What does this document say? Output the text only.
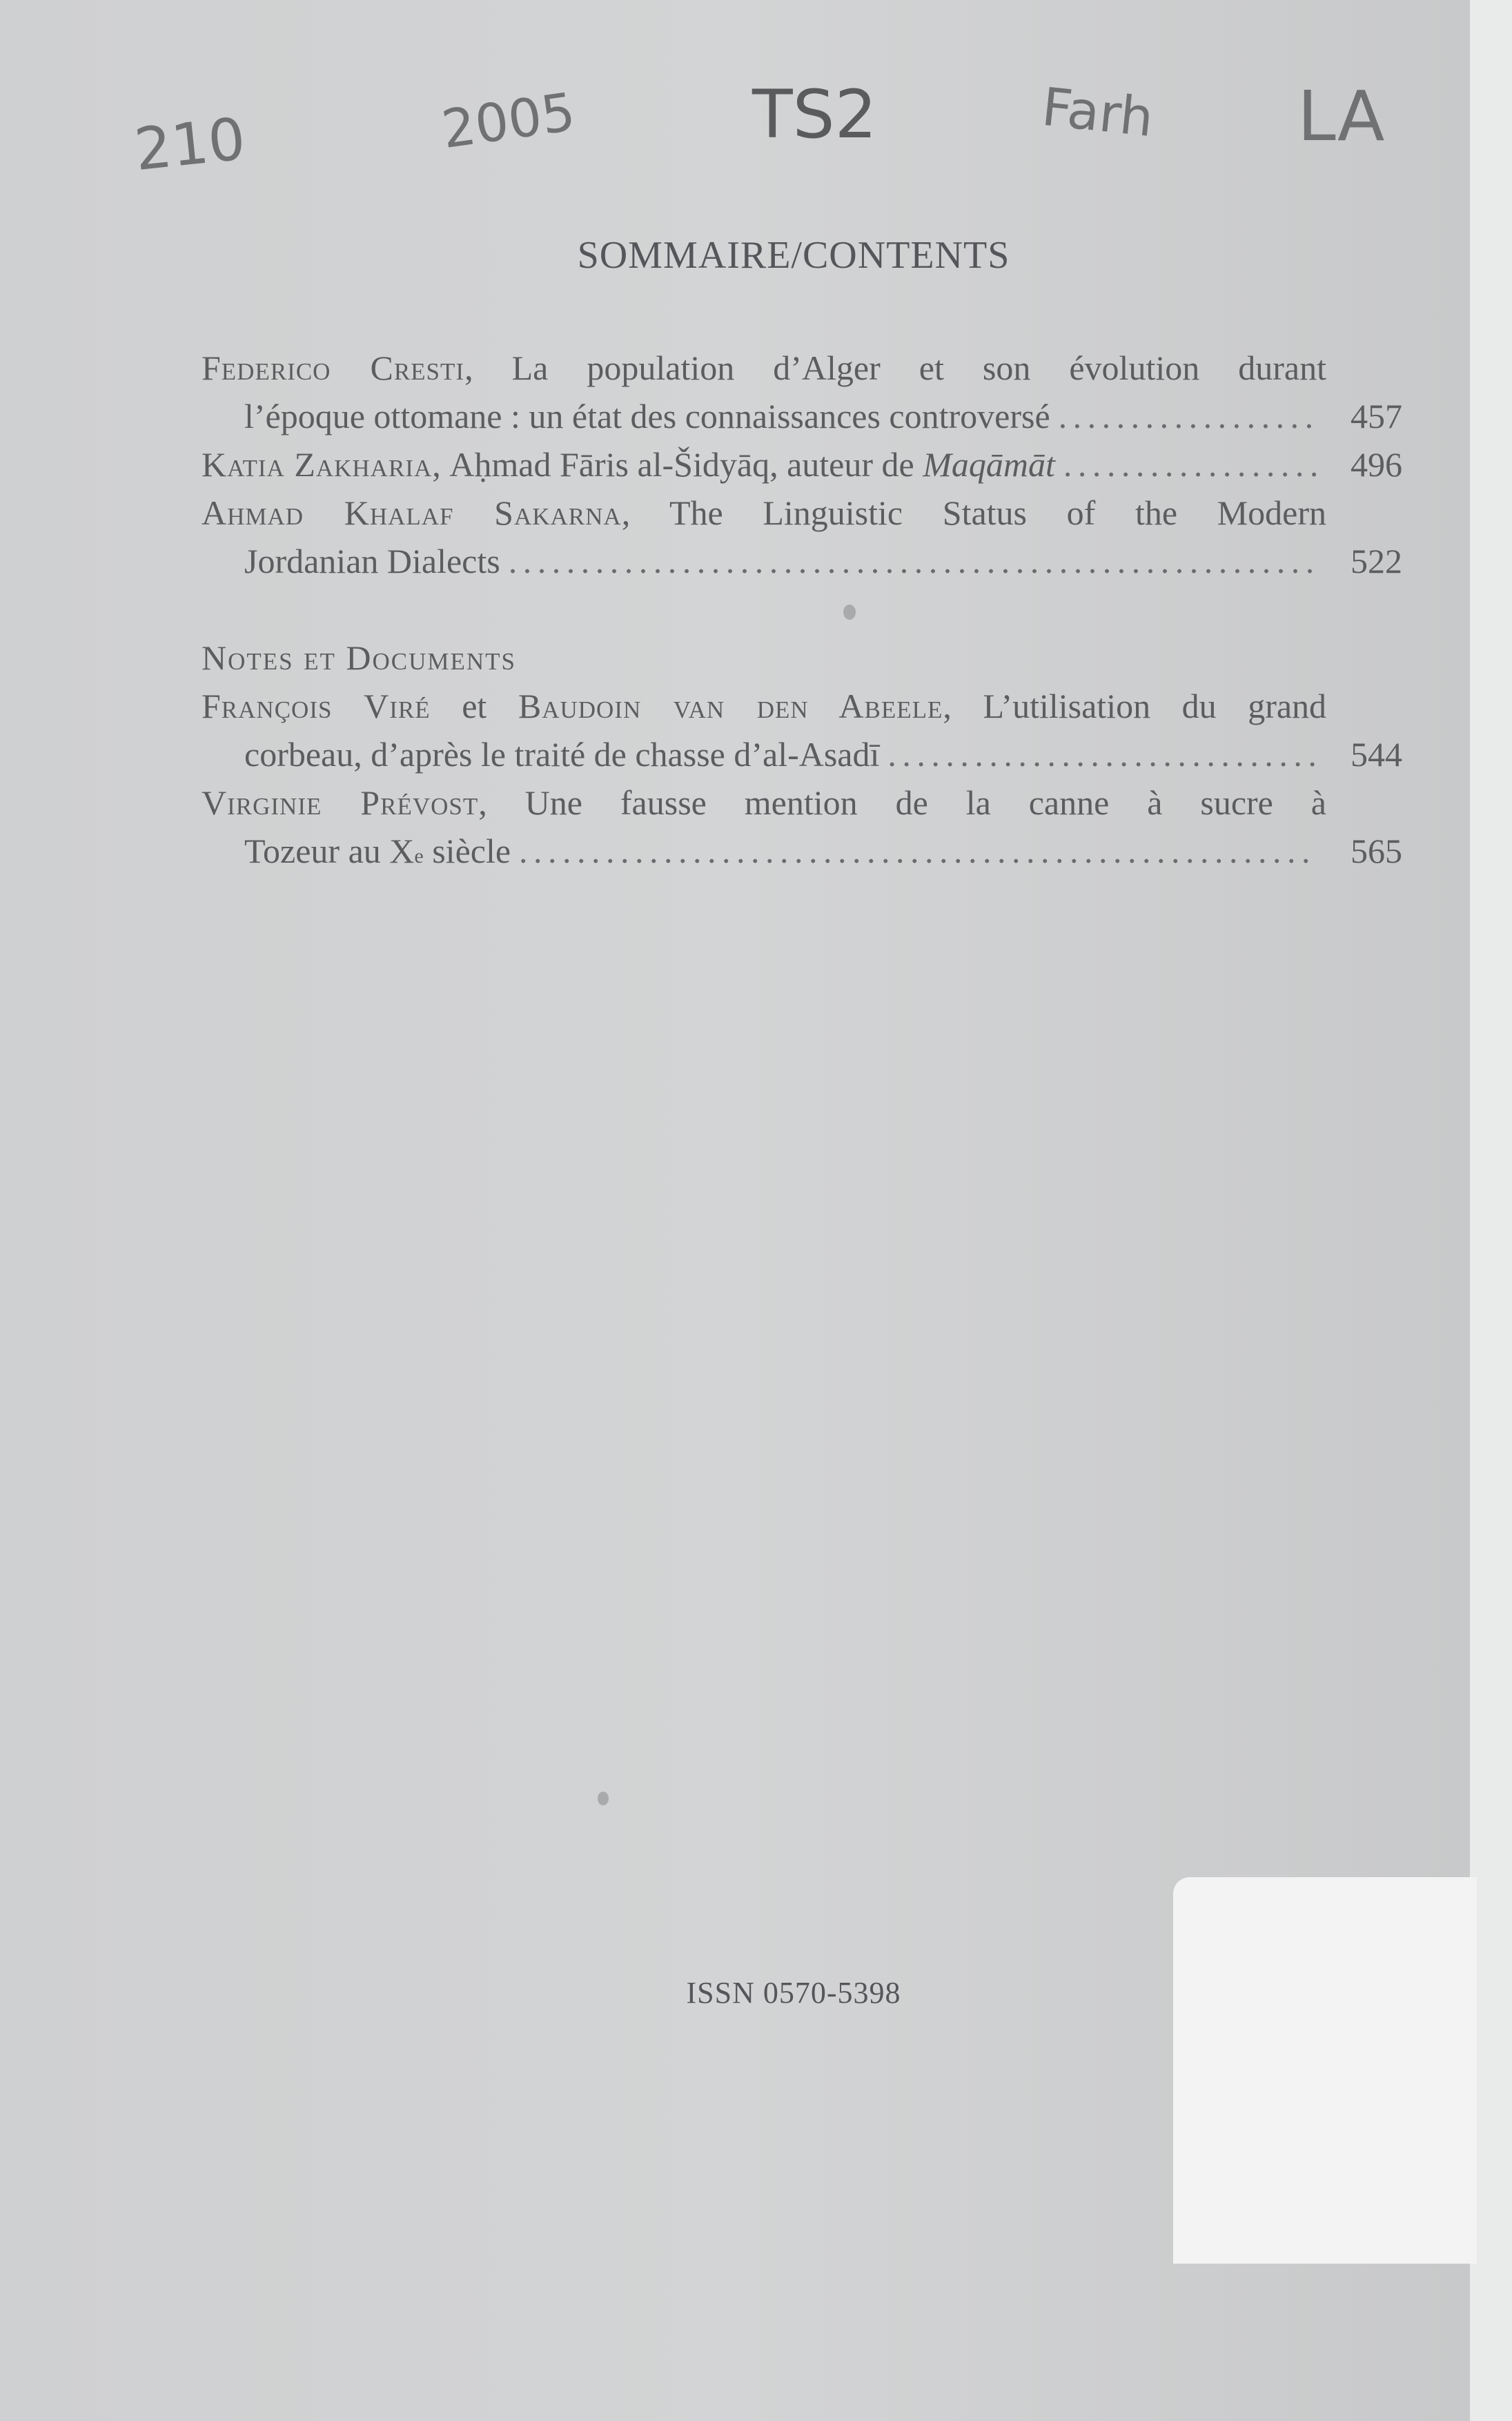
210	2005	TS2	Farh LA
SOMMAIRE/CONTENTS
Federico Cresti, La population d’Alger et son évolution durant
l’époque ottomane : un état des connaissances controversé . . .	457
Katia Zakharia , Aḥmad Fāris al-Šidyāq, auteur de
Maqāmāt . . .	496
Ahmad Khalaf Sakarna, The Linguistic Status of the Modern
Jordanian Dialects . . .	522
Notes et Documents
François Viré et Baudoin van den Abeele, L’utilisation du grand
corbeau, d’après le traité de chasse d’al-Asadī . . .	544
Virginie Prévost, Une fausse mention de la canne à sucre à
Tozeur au X e
siècle . . .	565
ISSN 0570-5398
